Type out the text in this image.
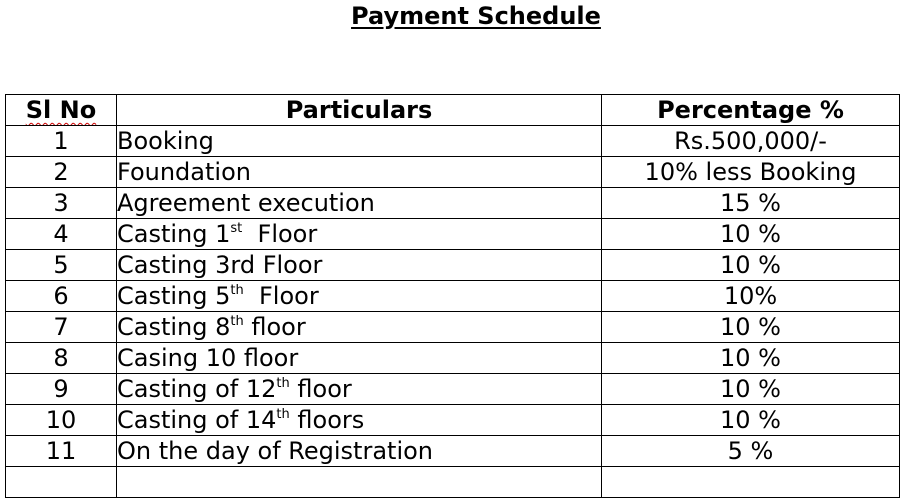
Payment Schedule
Sl No	Particulars	Percentage %
1	Booking	Rs.500,000/-
2	Foundation	10% less Booking
3	Agreement execution	15 %
4	Casting 1st  Floor	10 %
5	Casting 3rd Floor	10 %
6	Casting 5th  Floor	10%
7	Casting 8th floor	10 %
8	Casing 10 floor	10 %
9	Casting of 12th floor	10 %
10	Casting of 14th floors	10 %
11	On the day of Registration	5 %
